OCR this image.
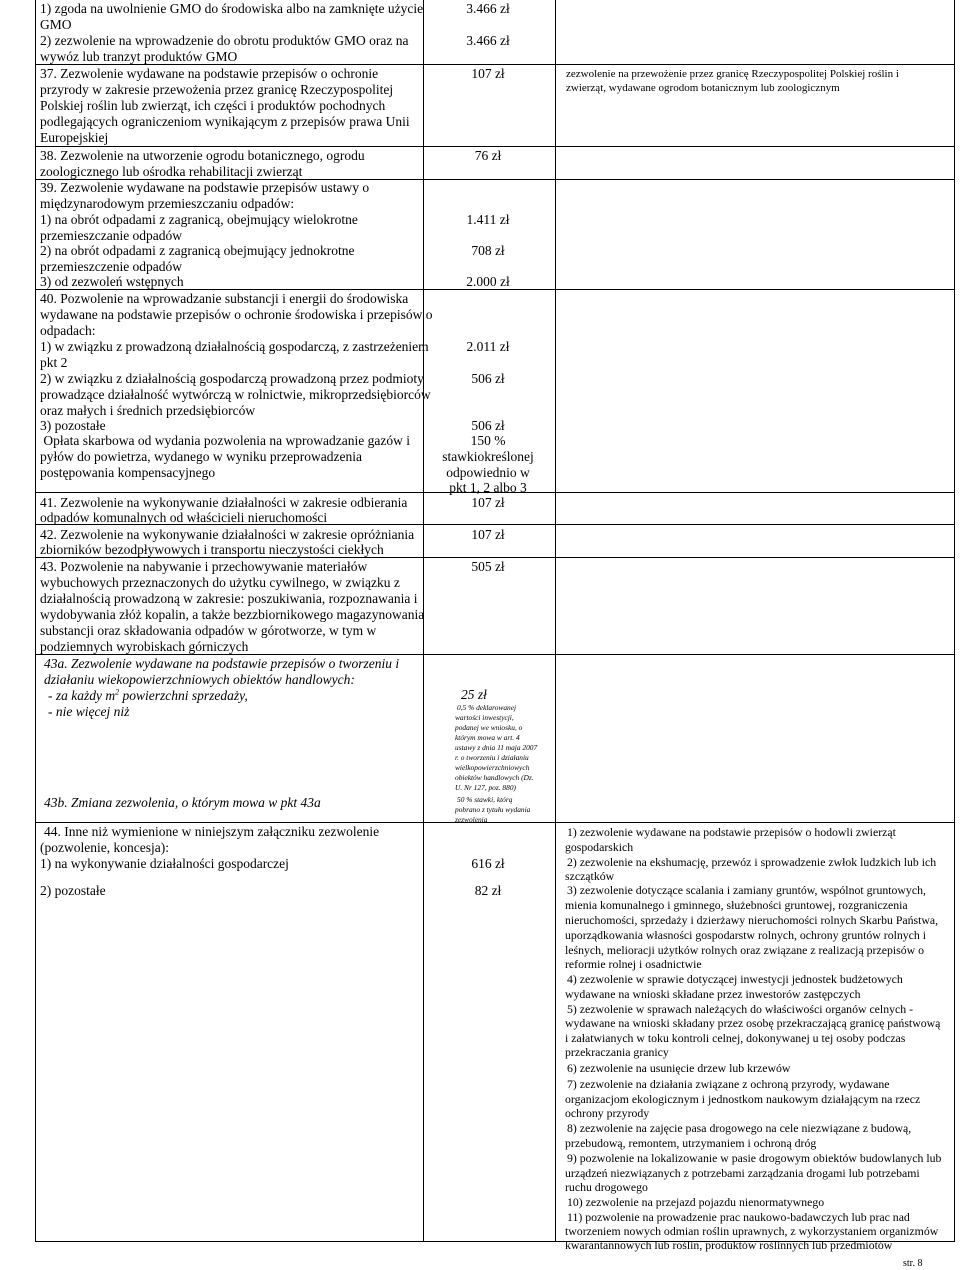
1) zgoda na uwolnienie GMO do środowiska albo na zamknięte użycie
GMO
2) zezwolenie na wprowadzenie do obrotu produktów GMO oraz na
wywóz lub tranzyt produktów GMO
3.466 zł
3.466 zł
37. Zezwolenie wydawane na podstawie przepisów o ochronie
przyrody w zakresie przewożenia przez granicę Rzeczypospolitej
Polskiej roślin lub zwierząt, ich części i produktów pochodnych
podlegających ograniczeniom wynikającym z przepisów prawa Unii
Europejskiej
107 zł	zezwolenie na przewożenie przez granicę Rzeczypospolitej Polskiej roślin i
zwierząt, wydawane ogrodom botanicznym lub zoologicznym
38. Zezwolenie na utworzenie ogrodu botanicznego, ogrodu
zoologicznego lub ośrodka rehabilitacji zwierząt
76 zł
39. Zezwolenie wydawane na podstawie przepisów ustawy o
międzynarodowym przemieszczaniu odpadów:
1) na obrót odpadami z zagranicą, obejmujący wielokrotne
przemieszczanie odpadów
2) na obrót odpadami z zagranicą obejmujący jednokrotne
przemieszczenie odpadów
3) od zezwoleń wstępnych
1.411 zł
708 zł
2.000 zł
40. Pozwolenie na wprowadzanie substancji i energii do środowiska
wydawane na podstawie przepisów o ochronie środowiska i przepisów o
odpadach:
1) w związku z prowadzoną działalnością gospodarczą, z zastrzeżeniem
pkt 2
2) w związku z działalnością gospodarczą prowadzoną przez podmioty
prowadzące działalność wytwórczą w rolnictwie, mikroprzedsiębiorców
oraz małych i średnich przedsiębiorców
3) pozostałe
Opłata skarbowa od wydania pozwolenia na wprowadzanie gazów i
pyłów do powietrza, wydanego w wyniku przeprowadzenia
postępowania kompensacyjnego
2.011 zł
506 zł
506 zł
150 %
stawkiokreślonej
odpowiednio w
pkt 1, 2 albo 3
41. Zezwolenie na wykonywanie działalności w zakresie odbierania
odpadów komunalnych od właścicieli nieruchomości
107 zł
42. Zezwolenie na wykonywanie działalności w zakresie opróżniania
zbiorników bezodpływowych i transportu nieczystości ciekłych
107 zł
43. Pozwolenie na nabywanie i przechowywanie materiałów
wybuchowych przeznaczonych do użytku cywilnego, w związku z
działalnością prowadzoną w zakresie: poszukiwania, rozpoznawania i
wydobywania złóż kopalin, a także bezzbiornikowego magazynowania
substancji oraz składowania odpadów w górotworze, w tym w
podziemnych wyrobiskach górniczych
505 zł
43a. Zezwolenie wydawane na podstawie przepisów o tworzeniu i
działaniu wiekopowierzchniowych obiektów handlowych:
- za każdy $m^2$ powierzchni sprzedaży,
- nie więcej niż
25 zł
0,5 % deklarowanej
wartości inwestycji,
podanej we wniosku, o
którym mowa w art. 4
ustawy z dnia 11 maja 2007
r. o tworzeniu i działaniu
wielkopowierzchniowych
obiektów handlowych (Dz.
U. Nr 127, poz. 880)
43b. Zmiana zezwolenia, o którym mowa w pkt 43a	50 % stawki, którą
pobrano z tytułu wydania
zezwolenia
44. Inne niż wymienione w niniejszym załączniku zezwolenie
(pozwolenie, koncesja):
1) na wykonywanie działalności gospodarczej
2) pozostałe
616 zł
82 zł
1) zezwolenie wydawane na podstawie przepisów o hodowli zwierząt
gospodarskich
2) zezwolenie na ekshumację, przewóz i sprowadzenie zwłok ludzkich lub ich
szczątków
3) zezwolenie dotyczące scalania i zamiany gruntów, wspólnot gruntowych,
mienia komunalnego i gminnego, służebności gruntowej, rozgraniczenia
nieruchomości, sprzedaży i dzierżawy nieruchomości rolnych Skarbu Państwa,
uporządkowania własności gospodarstw rolnych, ochrony gruntów rolnych i
leśnych, melioracji użytków rolnych oraz związane z realizacją przepisów o
reformie rolnej i osadnictwie
4) zezwolenie w sprawie dotyczącej inwestycji jednostek budżetowych
wydawane na wnioski składane przez inwestorów zastępczych
5) zezwolenie w sprawach należących do właściwości organów celnych -
wydawane na wnioski składany przez osobę przekraczającą granicę państwową
i załatwianych w toku kontroli celnej, dokonywanej u tej osoby podczas
przekraczania granicy
6) zezwolenie na usunięcie drzew lub krzewów
7) zezwolenie na działania związane z ochroną przyrody, wydawane
organizacjom ekologicznym i jednostkom naukowym działającym na rzecz
ochrony przyrody
8) zezwolenie na zajęcie pasa drogowego na cele niezwiązane z budową,
przebudową, remontem, utrzymaniem i ochroną dróg
9) pozwolenie na lokalizowanie w pasie drogowym obiektów budowlanych lub
urządzeń niezwiązanych z potrzebami zarządzania drogami lub potrzebami
ruchu drogowego
10) zezwolenie na przejazd pojazdu nienormatywnego
11) pozwolenie na prowadzenie prac naukowo-badawczych lub prac nad
tworzeniem nowych odmian roślin uprawnych, z wykorzystaniem organizmów
kwarantannowych lub roślin, produktów roślinnych lub przedmiotów
str. 8
